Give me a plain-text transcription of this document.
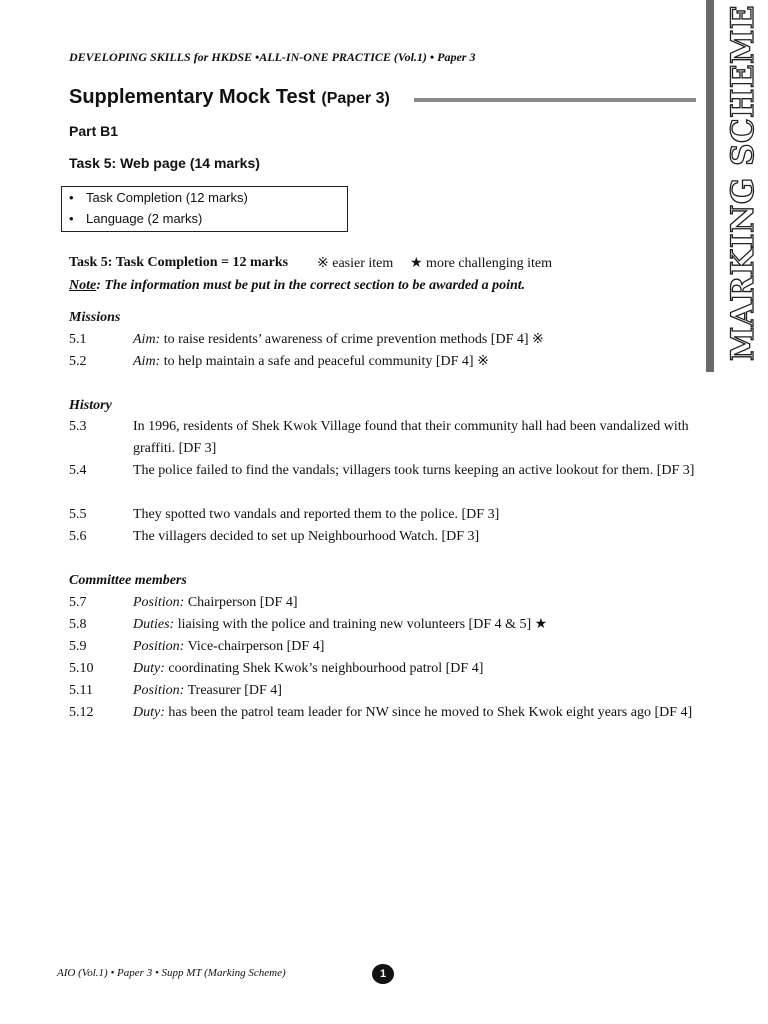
DEVELOPING SKILLS for HKDSE •ALL-IN-ONE PRACTICE (Vol.1) • Paper 3	MARKING SCHEME
Supplementary Mock Test (Paper 3)
Part B1
Task 5: Web page (14 marks)
• Task Completion (12 marks)
• Language (2 marks)
Task 5: Task Completion = 12 marks ※ easier item ★ more challenging item
Note: The information must be put in the correct section to be awarded a point.
Missions
5.1	Aim: to raise residents’ awareness of crime prevention methods [DF 4] ※
5.2	Aim: to help maintain a safe and peaceful community [DF 4] ※
History
5.3	In 1996, residents of Shek Kwok Village found that their community hall had been vandalized with graffiti. [DF 3]
5.4	The police failed to find the vandals; villagers took turns keeping an active lookout for them. [DF 3]
5.5	They spotted two vandals and reported them to the police. [DF 3]
5.6	The villagers decided to set up Neighbourhood Watch. [DF 3]
Committee members
5.7	Position: Chairperson [DF 4]
5.8	Duties: liaising with the police and training new volunteers [DF 4 & 5] ★
5.9	Position: Vice-chairperson [DF 4]
5.10	Duty: coordinating Shek Kwok’s neighbourhood patrol [DF 4]
5.11	Position: Treasurer [DF 4]
5.12	Duty: has been the patrol team leader for NW since he moved to Shek Kwok eight years ago [DF 4]
AIO (Vol.1) • Paper 3 • Supp MT (Marking Scheme)	1
